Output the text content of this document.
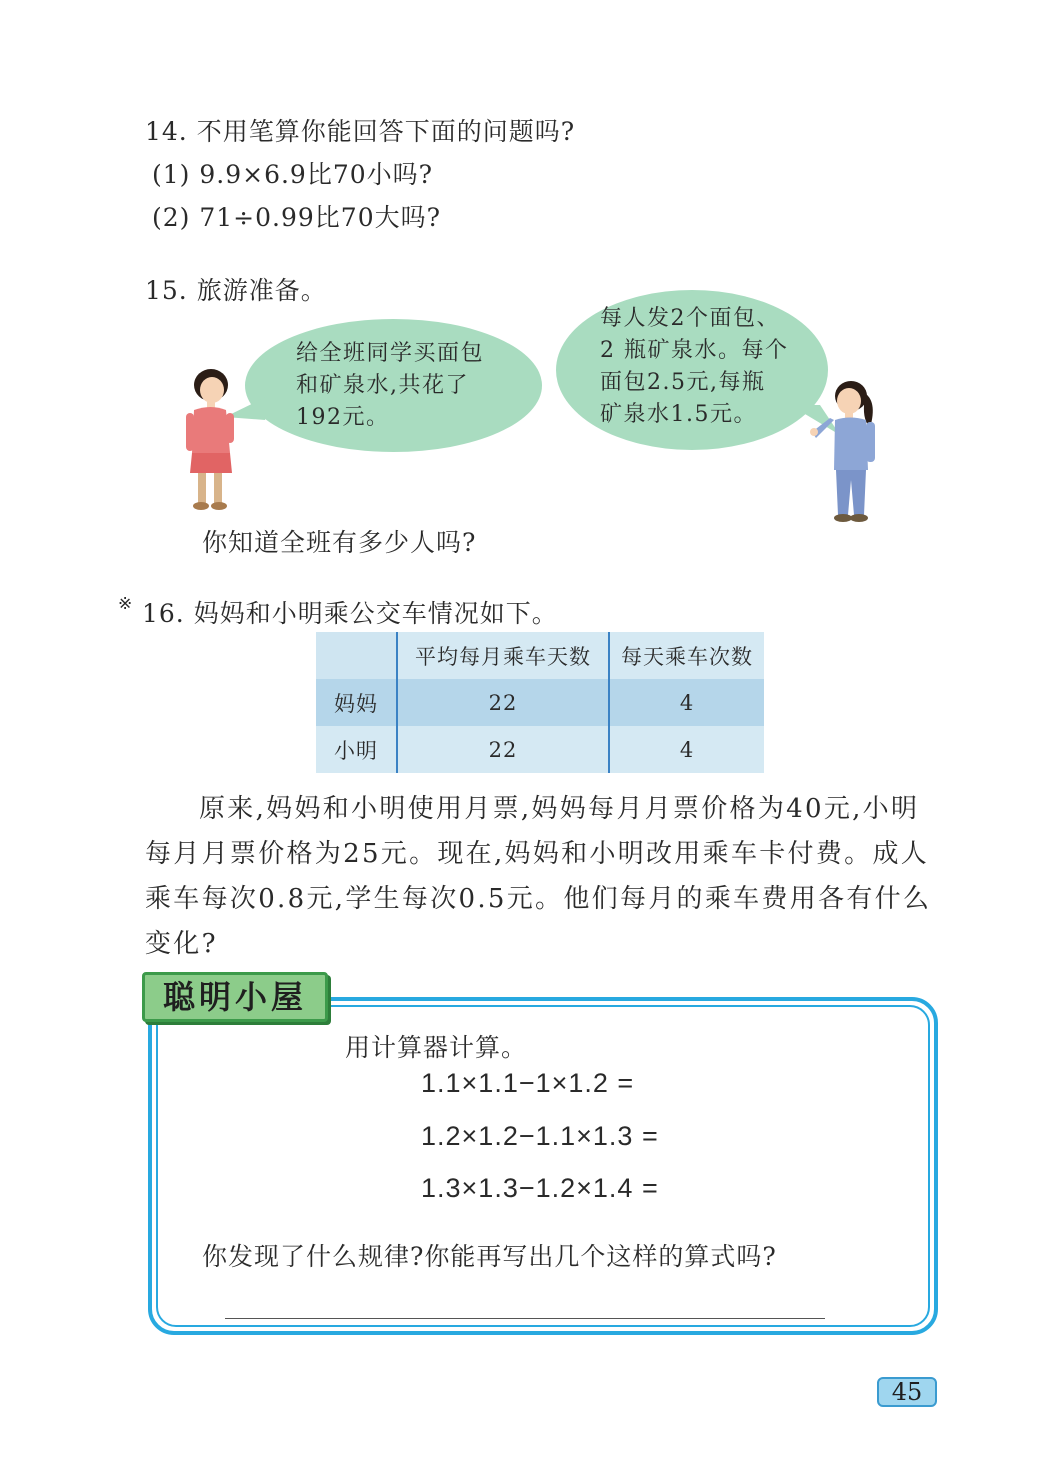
14. 不用笔算你能回答下面的问题吗?
(1) 9.9×6.9比70小吗?
(2) 71÷0.99比70大吗?
15. 旅游准备。
给全班同学买面包
和矿泉水,共花了
192元。
每人发2个面包、
2 瓶矿泉水。每个
面包2.5元,每瓶
矿泉水1.5元。
你知道全班有多少人吗?
※ 16. 妈妈和小明乘公交车情况如下。
	平均每月乘车天数	每天乘车次数
妈妈	22	4
小明	22	4
原来,妈妈和小明使用月票,妈妈每月月票价格为40元,小明每月月票价格为25元。现在,妈妈和小明改用乘车卡付费。成人乘车每次0.8元,学生每次0.5元。他们每月的乘车费用各有什么变化?
聪明小屋
用计算器计算。
1.1×1.1−1×1.2 =
1.2×1.2−1.1×1.3 =
1.3×1.3−1.2×1.4 =
你发现了什么规律?你能再写出几个这样的算式吗?
45
